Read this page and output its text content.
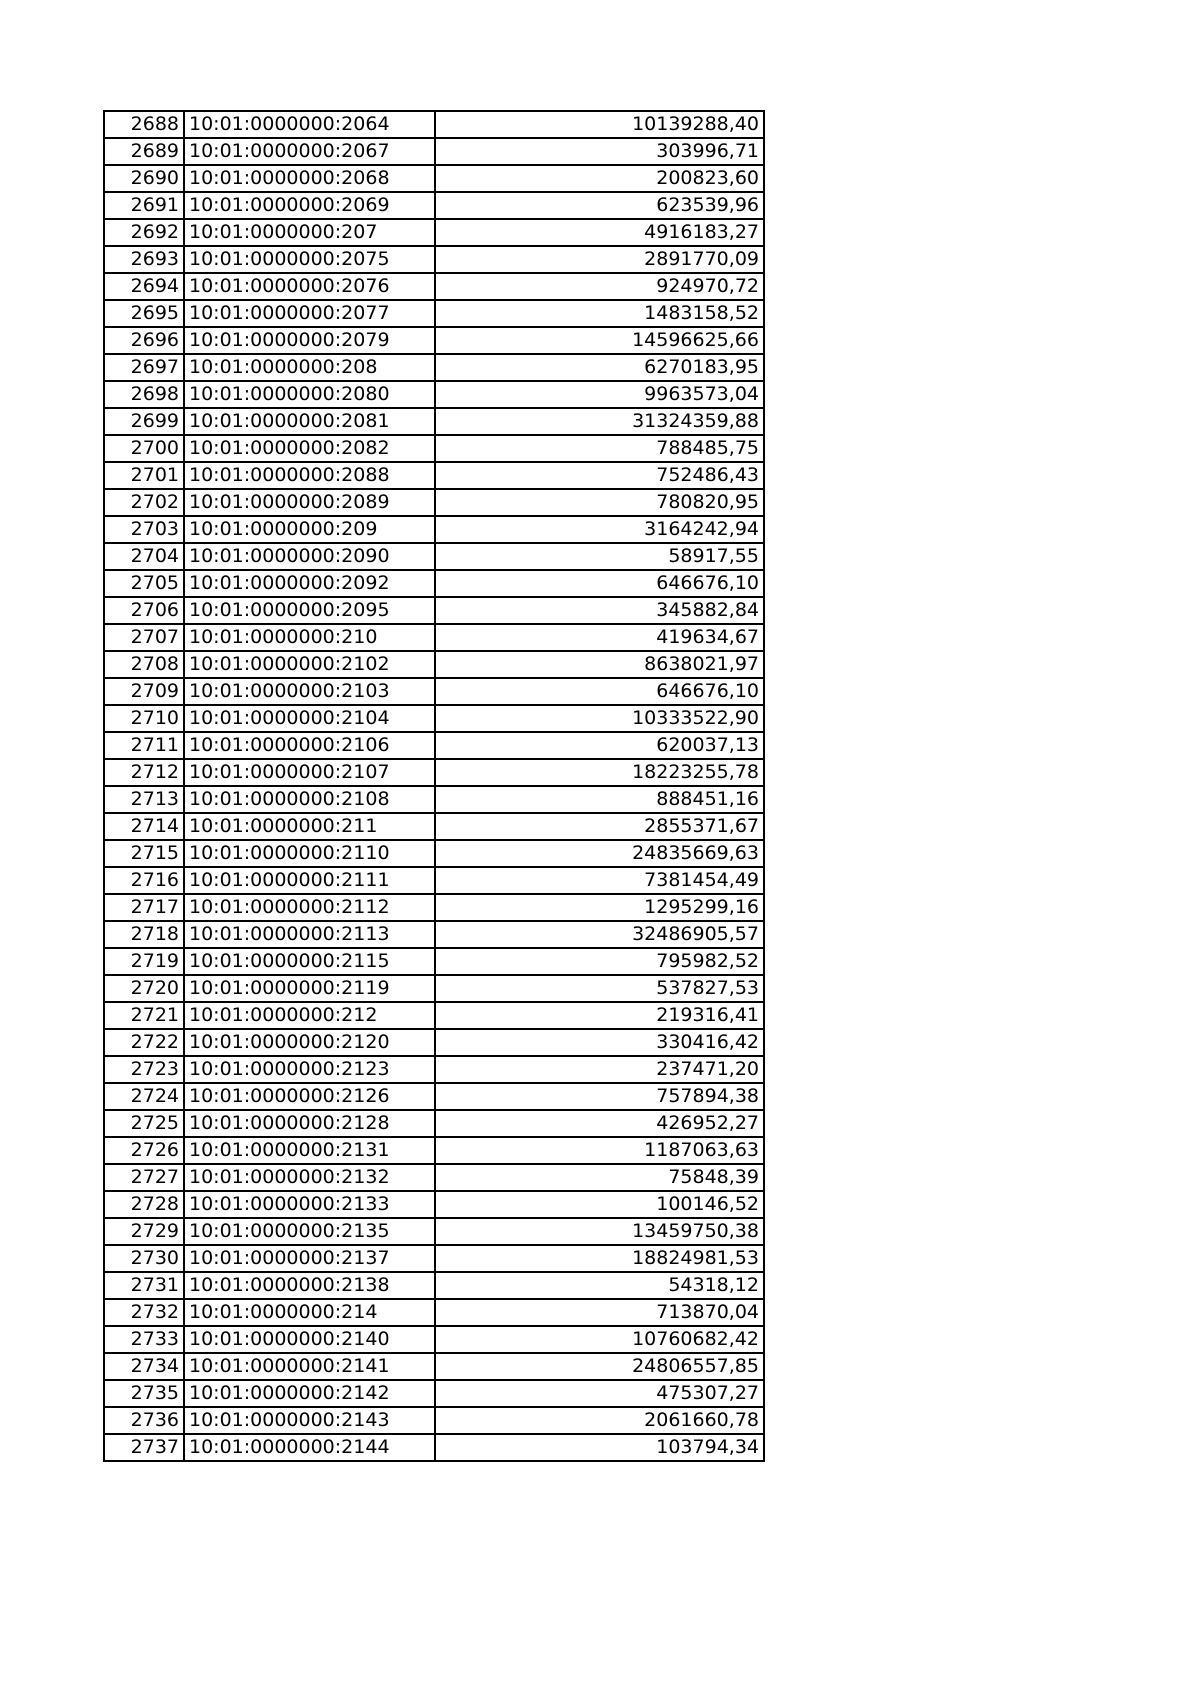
2688	10:01:0000000:2064	10139288,40
2689	10:01:0000000:2067	303996,71
2690	10:01:0000000:2068	200823,60
2691	10:01:0000000:2069	623539,96
2692	10:01:0000000:207	4916183,27
2693	10:01:0000000:2075	2891770,09
2694	10:01:0000000:2076	924970,72
2695	10:01:0000000:2077	1483158,52
2696	10:01:0000000:2079	14596625,66
2697	10:01:0000000:208	6270183,95
2698	10:01:0000000:2080	9963573,04
2699	10:01:0000000:2081	31324359,88
2700	10:01:0000000:2082	788485,75
2701	10:01:0000000:2088	752486,43
2702	10:01:0000000:2089	780820,95
2703	10:01:0000000:209	3164242,94
2704	10:01:0000000:2090	58917,55
2705	10:01:0000000:2092	646676,10
2706	10:01:0000000:2095	345882,84
2707	10:01:0000000:210	419634,67
2708	10:01:0000000:2102	8638021,97
2709	10:01:0000000:2103	646676,10
2710	10:01:0000000:2104	10333522,90
2711	10:01:0000000:2106	620037,13
2712	10:01:0000000:2107	18223255,78
2713	10:01:0000000:2108	888451,16
2714	10:01:0000000:211	2855371,67
2715	10:01:0000000:2110	24835669,63
2716	10:01:0000000:2111	7381454,49
2717	10:01:0000000:2112	1295299,16
2718	10:01:0000000:2113	32486905,57
2719	10:01:0000000:2115	795982,52
2720	10:01:0000000:2119	537827,53
2721	10:01:0000000:212	219316,41
2722	10:01:0000000:2120	330416,42
2723	10:01:0000000:2123	237471,20
2724	10:01:0000000:2126	757894,38
2725	10:01:0000000:2128	426952,27
2726	10:01:0000000:2131	1187063,63
2727	10:01:0000000:2132	75848,39
2728	10:01:0000000:2133	100146,52
2729	10:01:0000000:2135	13459750,38
2730	10:01:0000000:2137	18824981,53
2731	10:01:0000000:2138	54318,12
2732	10:01:0000000:214	713870,04
2733	10:01:0000000:2140	10760682,42
2734	10:01:0000000:2141	24806557,85
2735	10:01:0000000:2142	475307,27
2736	10:01:0000000:2143	2061660,78
2737	10:01:0000000:2144	103794,34
